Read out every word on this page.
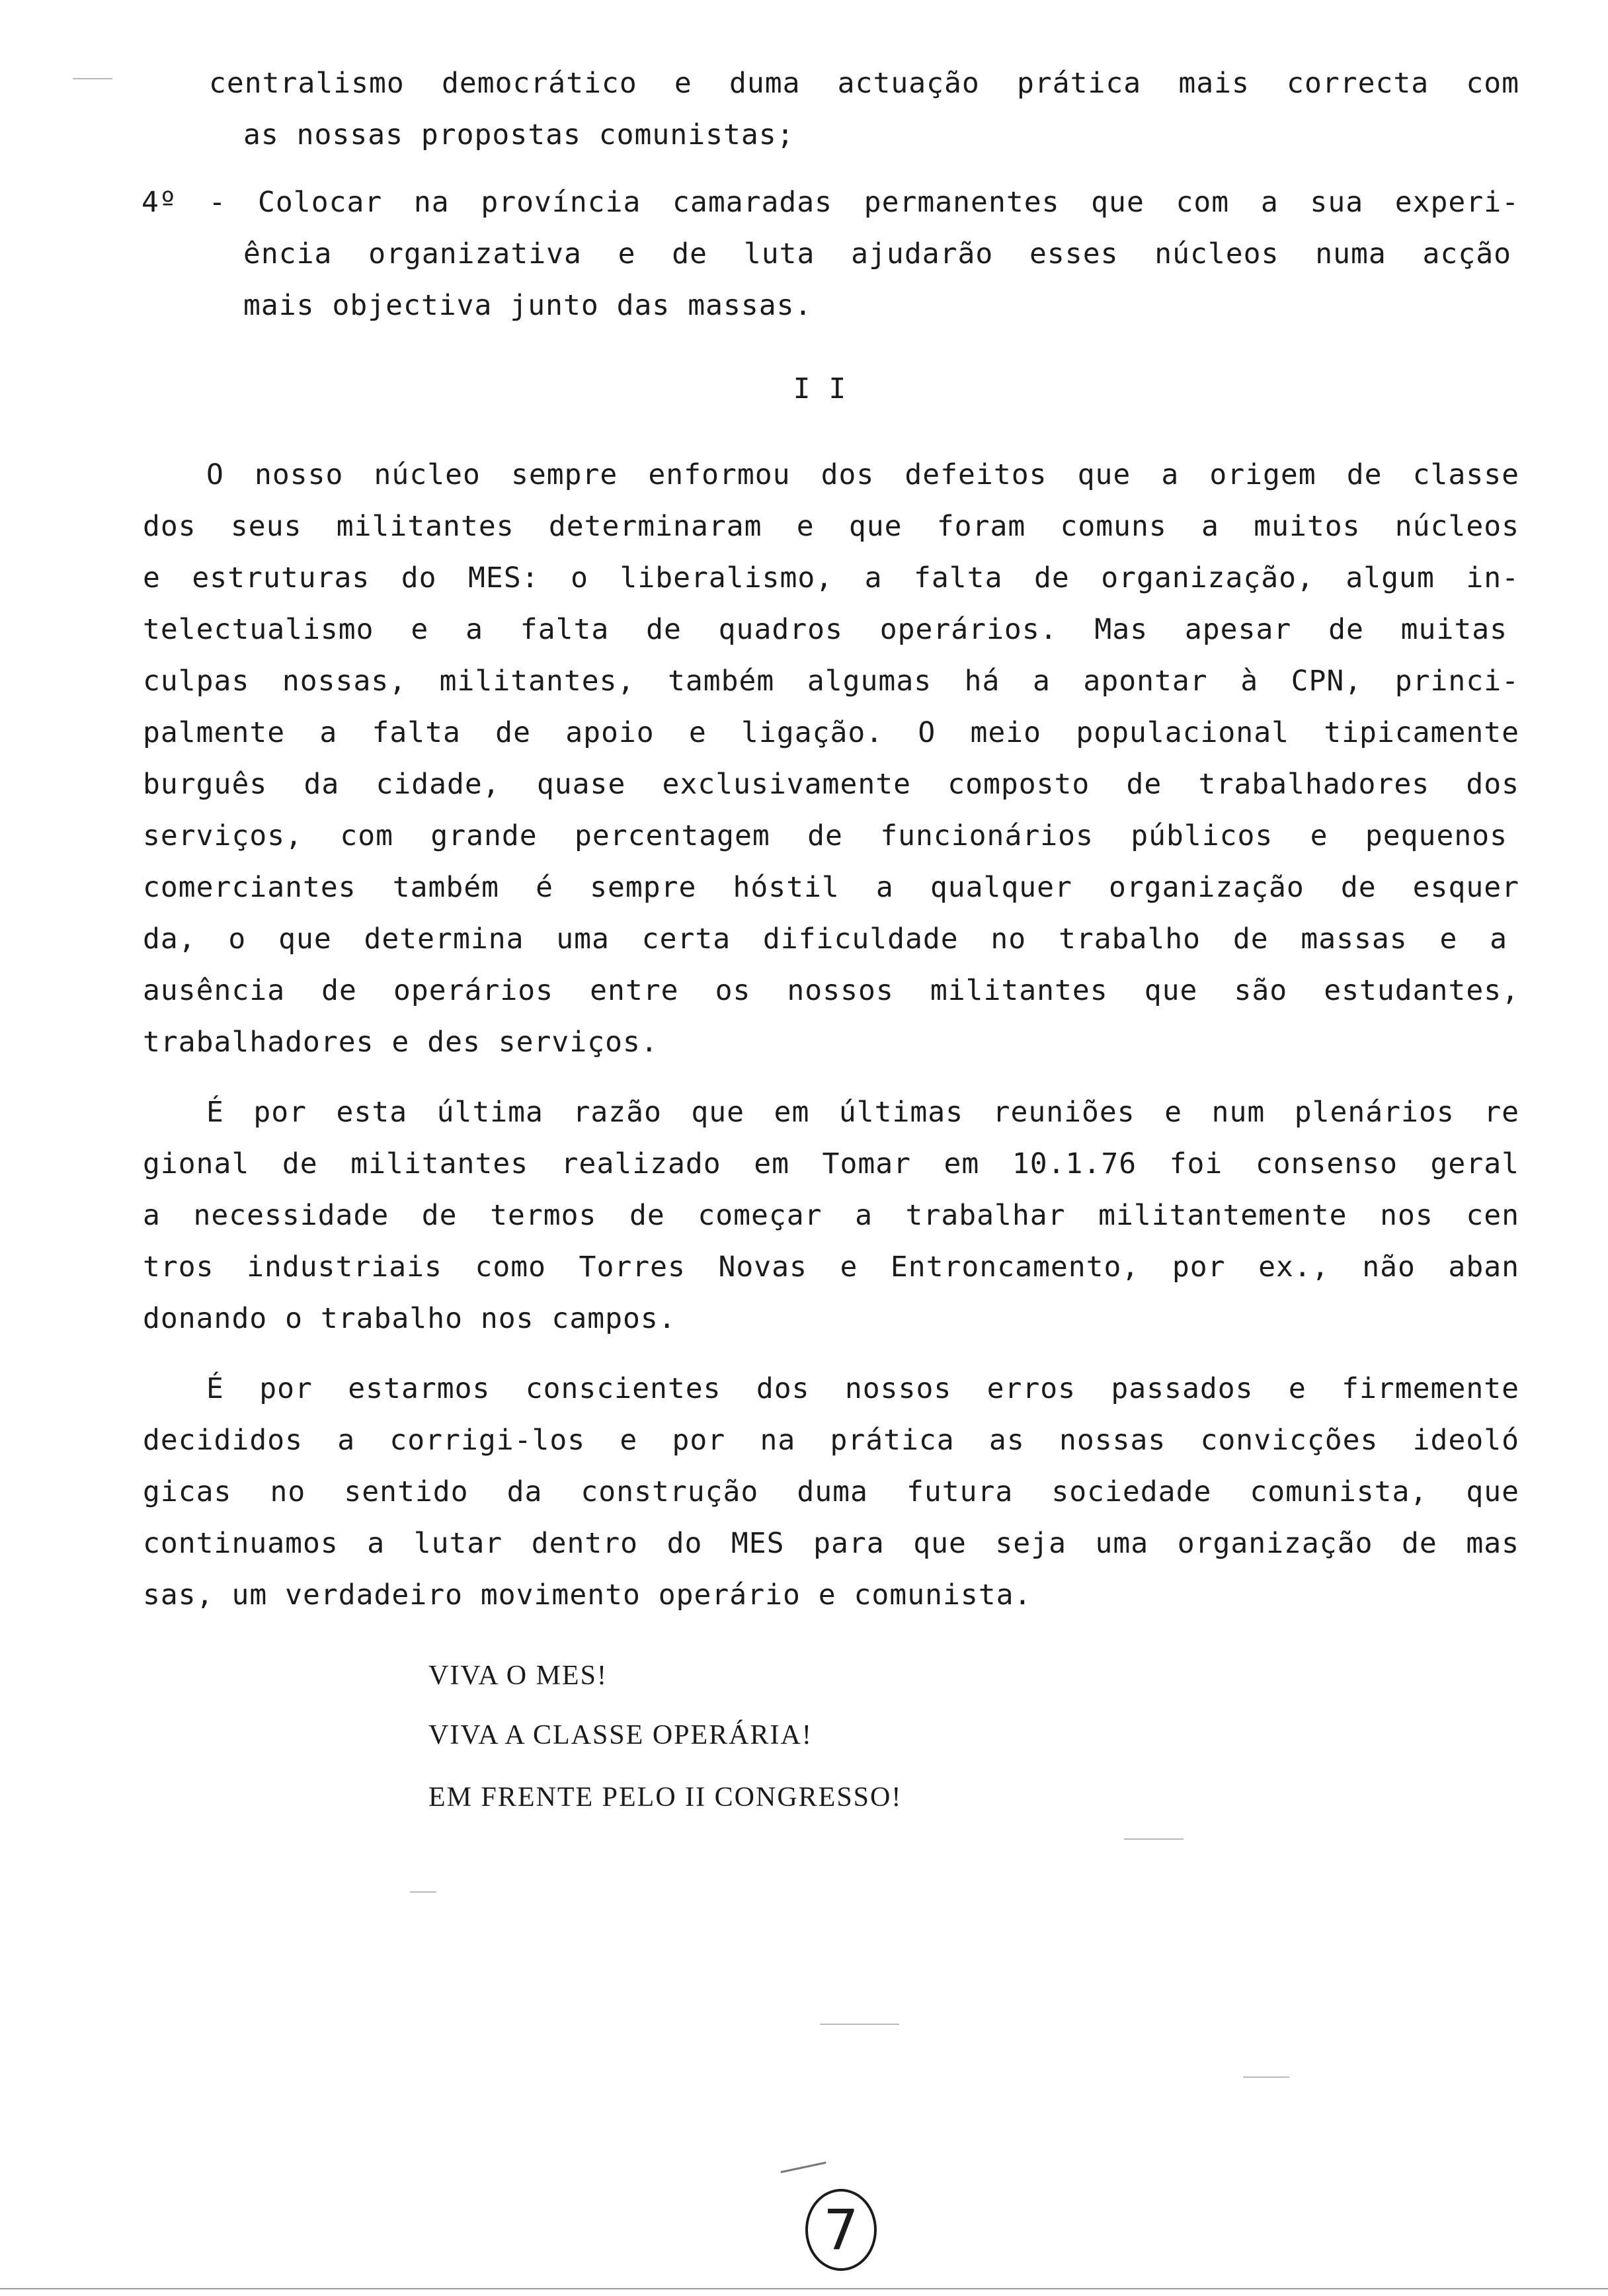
centralismo democrático e duma actuação prática mais correcta com
as nossas propostas comunistas;
4º - Colocar na província camaradas permanentes que com a sua experi-
ência organizativa e de luta ajudarão esses núcleos numa acção
mais objectiva junto das massas.
I I
O nosso núcleo sempre enformou dos defeitos que a origem de classe
dos seus militantes determinaram e que foram comuns a muitos núcleos
e estruturas do MES: o liberalismo, a falta de organização, algum in-
telectualismo e a falta de quadros operários. Mas apesar de muitas
culpas nossas, militantes, também algumas há a apontar à CPN, princi-
palmente a falta de apoio e ligação. O meio populacional tipicamente
burguês da cidade, quase exclusivamente composto de trabalhadores dos
serviços, com grande percentagem de funcionários públicos e pequenos
comerciantes também é sempre hóstil a qualquer organização de esquer
da, o que determina uma certa dificuldade no trabalho de massas e a
ausência de operários entre os nossos militantes que são estudantes,
trabalhadores e des serviços.
É por esta última razão que em últimas reuniões e num plenários re
gional de militantes realizado em Tomar em 10.1.76 foi consenso geral
a necessidade de termos de começar a trabalhar militantemente nos cen
tros industriais como Torres Novas e Entroncamento, por ex., não aban
donando o trabalho nos campos.
É por estarmos conscientes dos nossos erros passados e firmemente
decididos a corrigi-los e por na prática as nossas convicções ideoló
gicas no sentido da construção duma futura sociedade comunista, que
continuamos a lutar dentro do MES para que seja uma organização de mas
sas, um verdadeiro movimento operário e comunista.
VIVA O MES!
VIVA A CLASSE OPERÁRIA!
EM FRENTE PELO II CONGRESSO!
7
